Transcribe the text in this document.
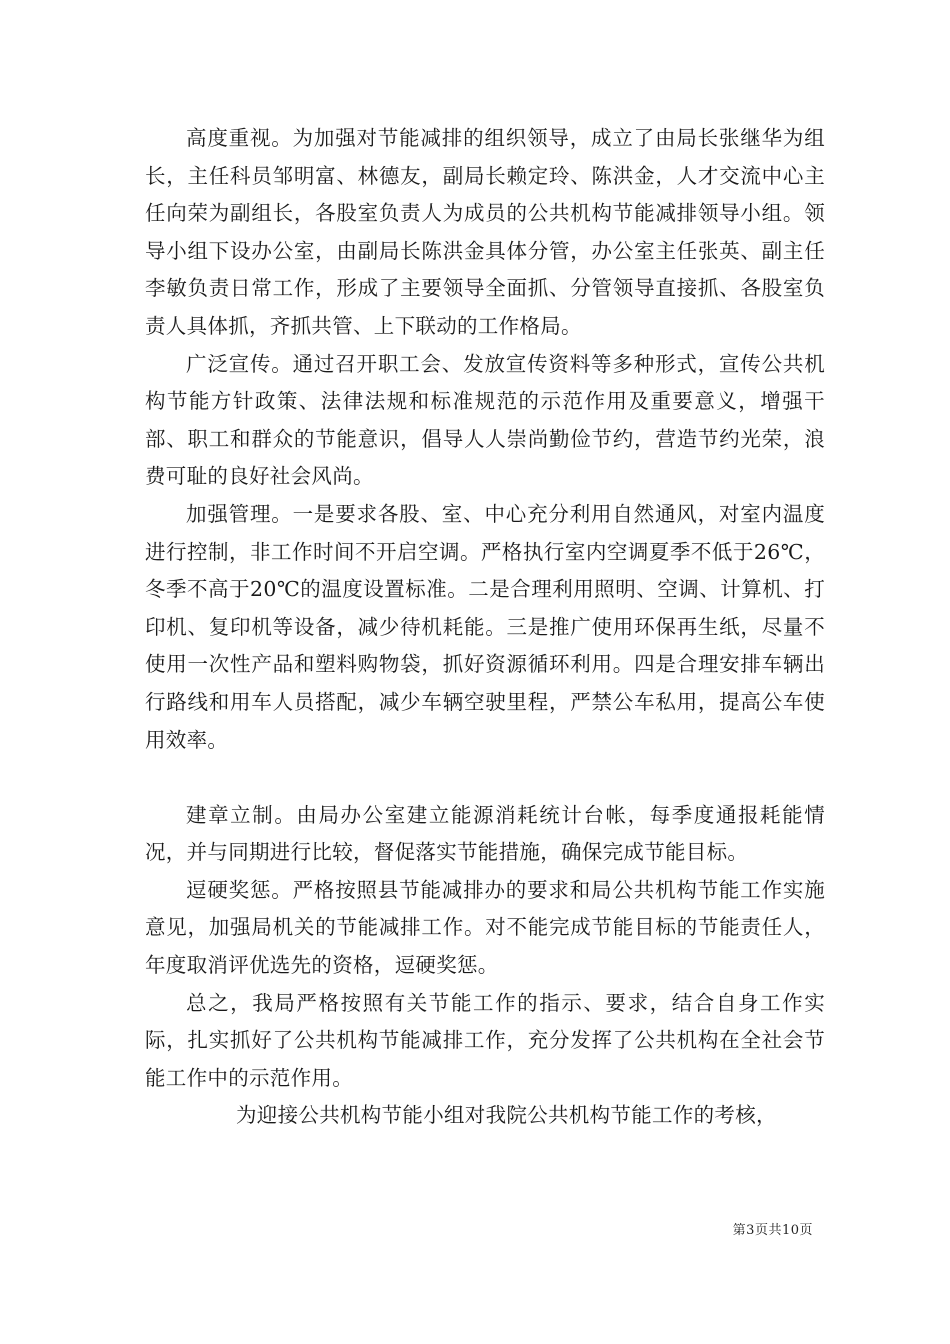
高度重视。为加强对节能减排的组织领导，成立了由局长张继华为组长，主任科员邹明富、林德友，副局长赖定玲、陈洪金，人才交流中心主任向荣为副组长，各股室负责人为成员的公共机构节能减排领导小组。领导小组下设办公室，由副局长陈洪金具体分管，办公室主任张英、副主任李敏负责日常工作，形成了主要领导全面抓、分管领导直接抓、各股室负责人具体抓，齐抓共管、上下联动的工作格局。

广泛宣传。通过召开职工会、发放宣传资料等多种形式，宣传公共机构节能方针政策、法律法规和标准规范的示范作用及重要意义，增强干部、职工和群众的节能意识，倡导人人崇尚勤俭节约，营造节约光荣，浪费可耻的良好社会风尚。

加强管理。一是要求各股、室、中心充分利用自然通风，对室内温度进行控制，非工作时间不开启空调。严格执行室内空调夏季不低于26℃，冬季不高于20℃的温度设置标准。二是合理利用照明、空调、计算机、打印机、复印机等设备，减少待机耗能。三是推广使用环保再生纸，尽量不使用一次性产品和塑料购物袋，抓好资源循环利用。四是合理安排车辆出行路线和用车人员搭配，减少车辆空驶里程，严禁公车私用，提高公车使用效率。

建章立制。由局办公室建立能源消耗统计台帐，每季度通报耗能情况，并与同期进行比较，督促落实节能措施，确保完成节能目标。

逗硬奖惩。严格按照县节能减排办的要求和局公共机构节能工作实施意见，加强局机关的节能减排工作。对不能完成节能目标的节能责任人，年度取消评优选先的资格，逗硬奖惩。

总之，我局严格按照有关节能工作的指示、要求，结合自身工作实际，扎实抓好了公共机构节能减排工作，充分发挥了公共机构在全社会节能工作中的示范作用。

为迎接公共机构节能小组对我院公共机构节能工作的考核，

第3页共10页
